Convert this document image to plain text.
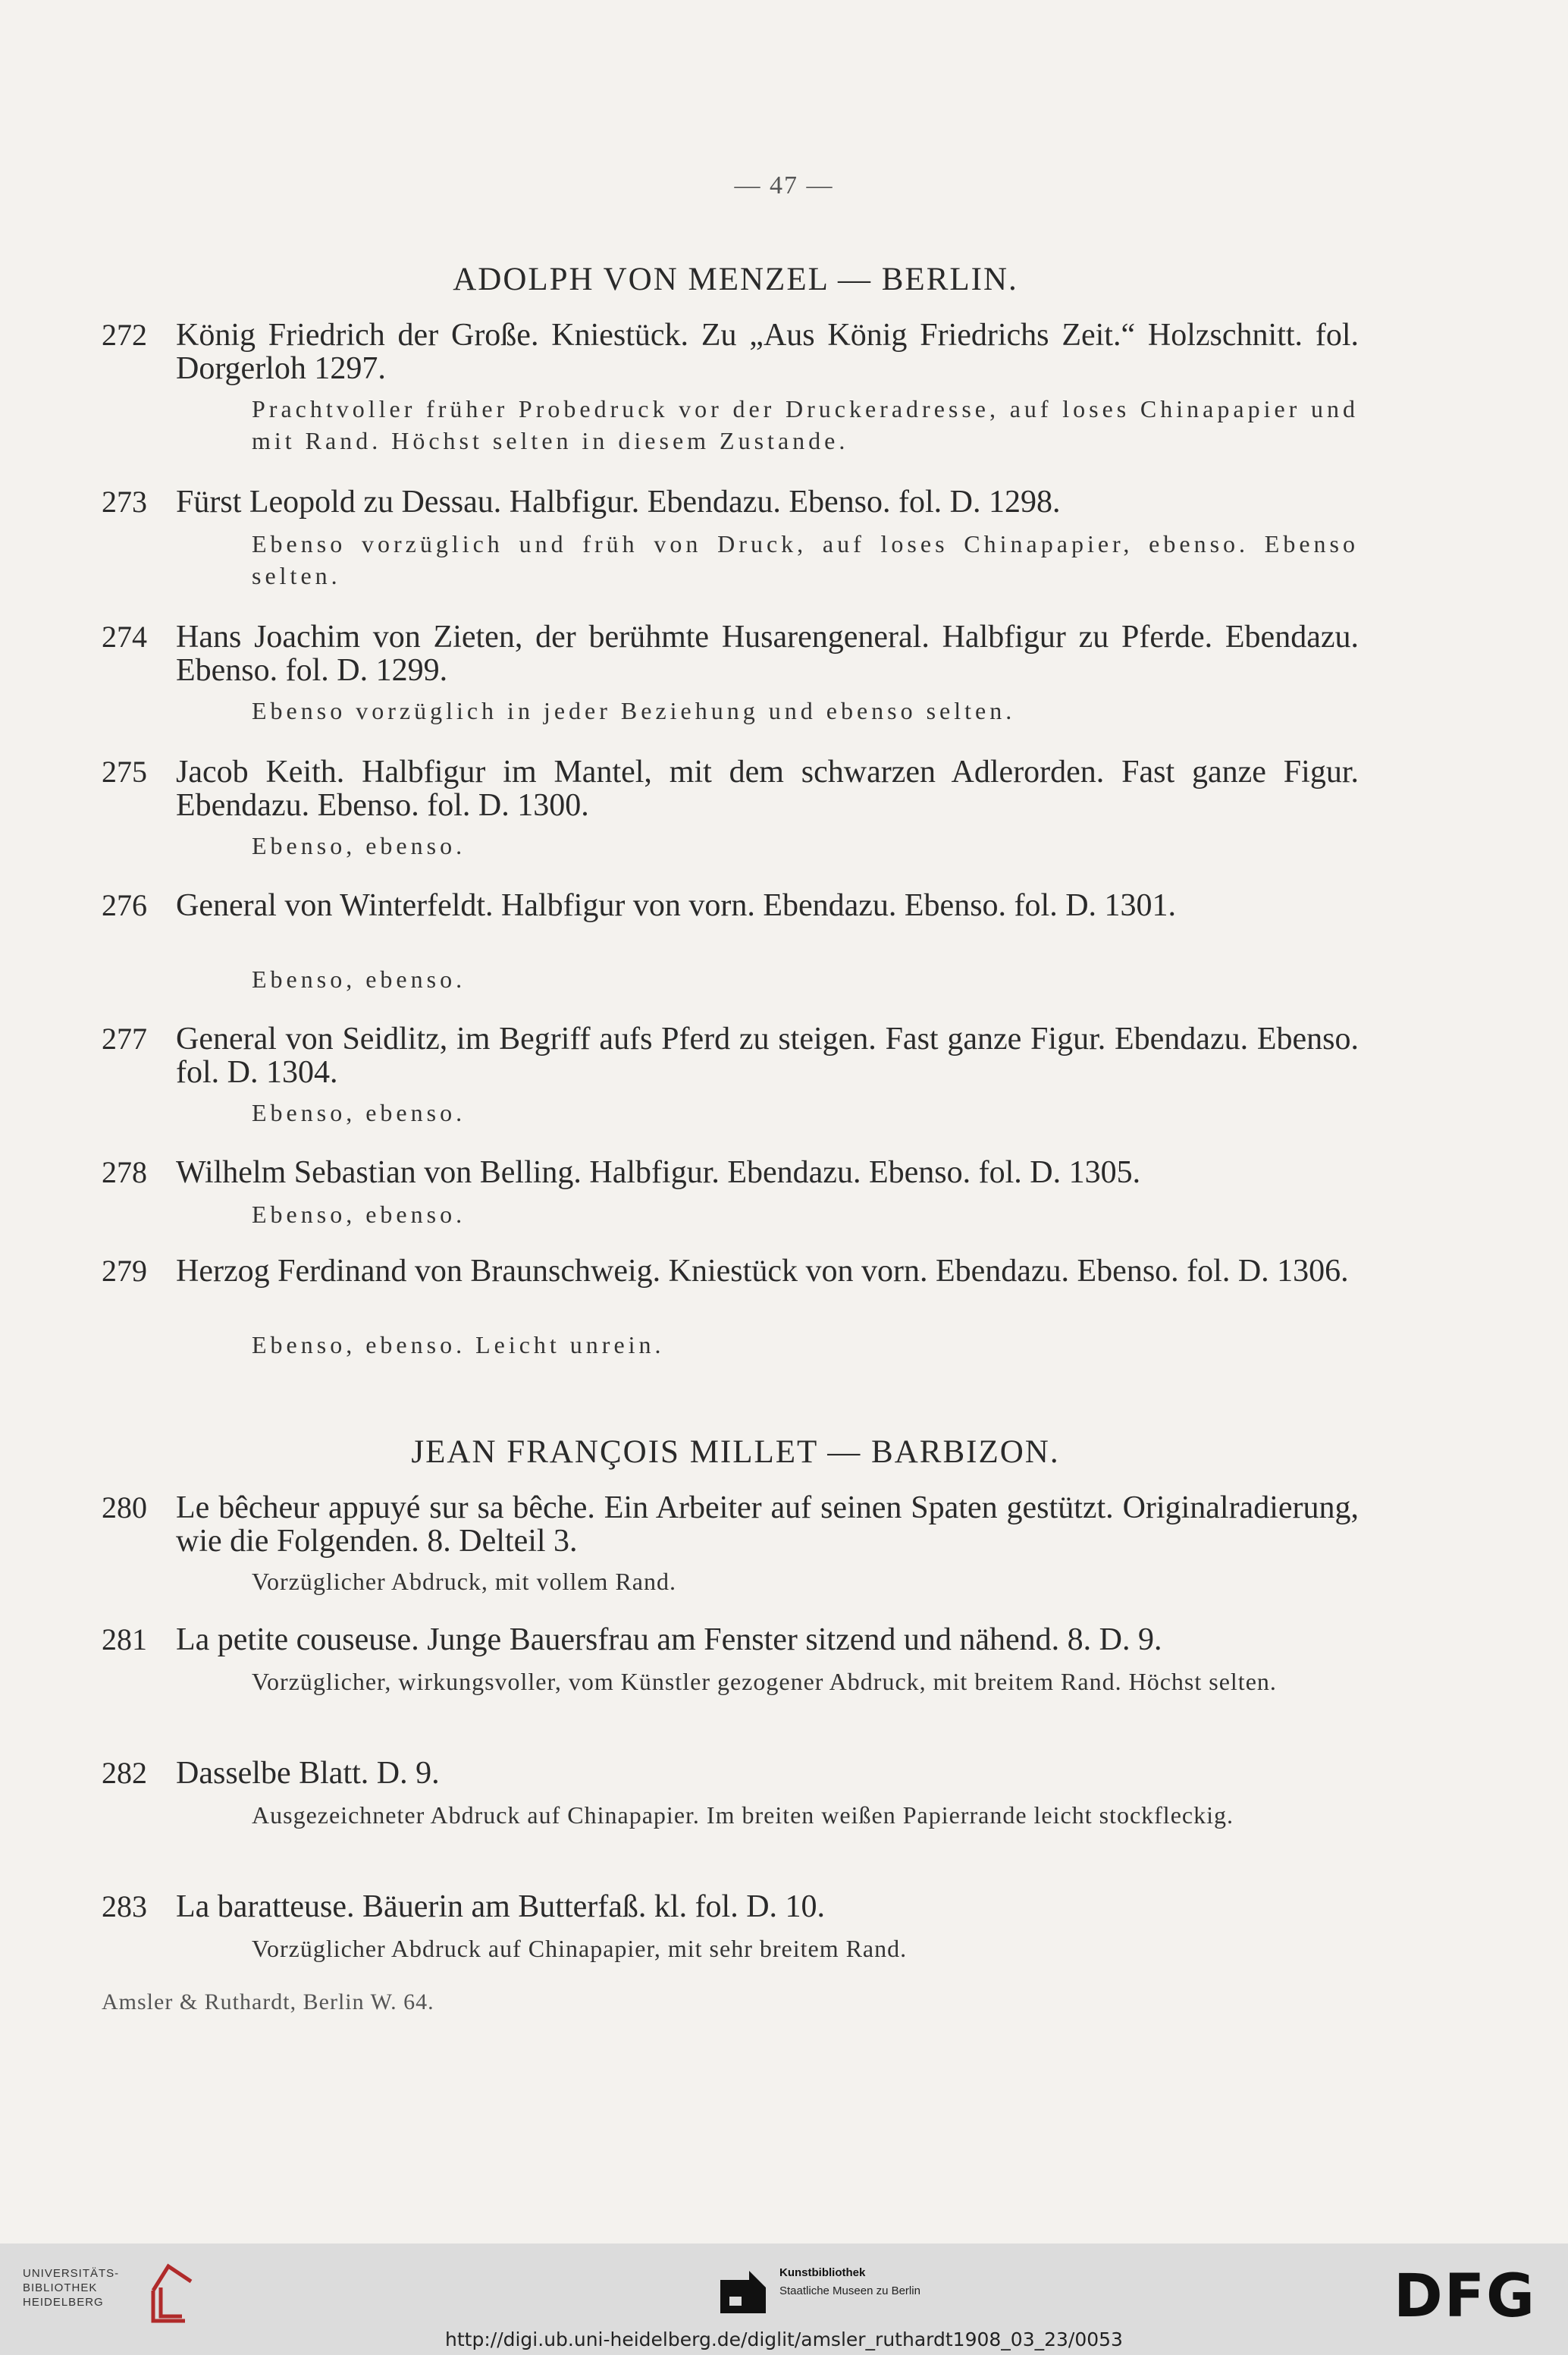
— 47 —
ADOLPH VON MENZEL — BERLIN.
272 König Friedrich der Große. Kniestück. Zu „Aus König Friedrichs Zeit.“ Holzschnitt. fol. Dorgerloh 1297.
Prachtvoller früher Probedruck vor der Druckeradresse, auf loses Chinapapier und mit Rand. Höchst selten in diesem Zustande.
273 Fürst Leopold zu Dessau. Halbfigur. Ebendazu. Ebenso. fol. D. 1298.
Ebenso vorzüglich und früh von Druck, auf loses Chinapapier, ebenso. Ebenso selten.
274 Hans Joachim von Zieten, der berühmte Husarengeneral. Halbfigur zu Pferde. Ebendazu. Ebenso. fol. D. 1299.
Ebenso vorzüglich in jeder Beziehung und ebenso selten.
275 Jacob Keith. Halbfigur im Mantel, mit dem schwarzen Adlerorden. Fast ganze Figur. Ebendazu. Ebenso. fol. D. 1300.
Ebenso, ebenso.
276 General von Winterfeldt. Halbfigur von vorn. Ebendazu. Ebenso. fol. D. 1301.
Ebenso, ebenso.
277 General von Seidlitz, im Begriff aufs Pferd zu steigen. Fast ganze Figur. Ebendazu. Ebenso. fol. D. 1304.
Ebenso, ebenso.
278 Wilhelm Sebastian von Belling. Halbfigur. Ebendazu. Ebenso. fol. D. 1305.
Ebenso, ebenso.
279 Herzog Ferdinand von Braunschweig. Kniestück von vorn. Ebendazu. Ebenso. fol. D. 1306.
Ebenso, ebenso. Leicht unrein.
JEAN FRANÇOIS MILLET — BARBIZON.
280 Le bêcheur appuyé sur sa bêche. Ein Arbeiter auf seinen Spaten gestützt. Originalradierung, wie die Folgenden. 8. Delteil 3.
Vorzüglicher Abdruck, mit vollem Rand.
281 La petite couseuse. Junge Bauersfrau am Fenster sitzend und nähend. 8. D. 9.
Vorzüglicher, wirkungsvoller, vom Künstler gezogener Abdruck, mit breitem Rand. Höchst selten.
282 Dasselbe Blatt. D. 9.
Ausgezeichneter Abdruck auf Chinapapier. Im breiten weißen Papierrande leicht stockfleckig.
283 La baratteuse. Bäuerin am Butterfaß. kl. fol. D. 10.
Vorzüglicher Abdruck auf Chinapapier, mit sehr breitem Rand.
Amsler & Ruthardt, Berlin W. 64.
UNIVERSITÄTS-
BIBLIOTHEK
HEIDELBERG
Kunstbibliothek
Staatliche Museen zu Berlin	DFG
http://digi.ub.uni-heidelberg.de/diglit/amsler_ruthardt1908_03_23/0053
